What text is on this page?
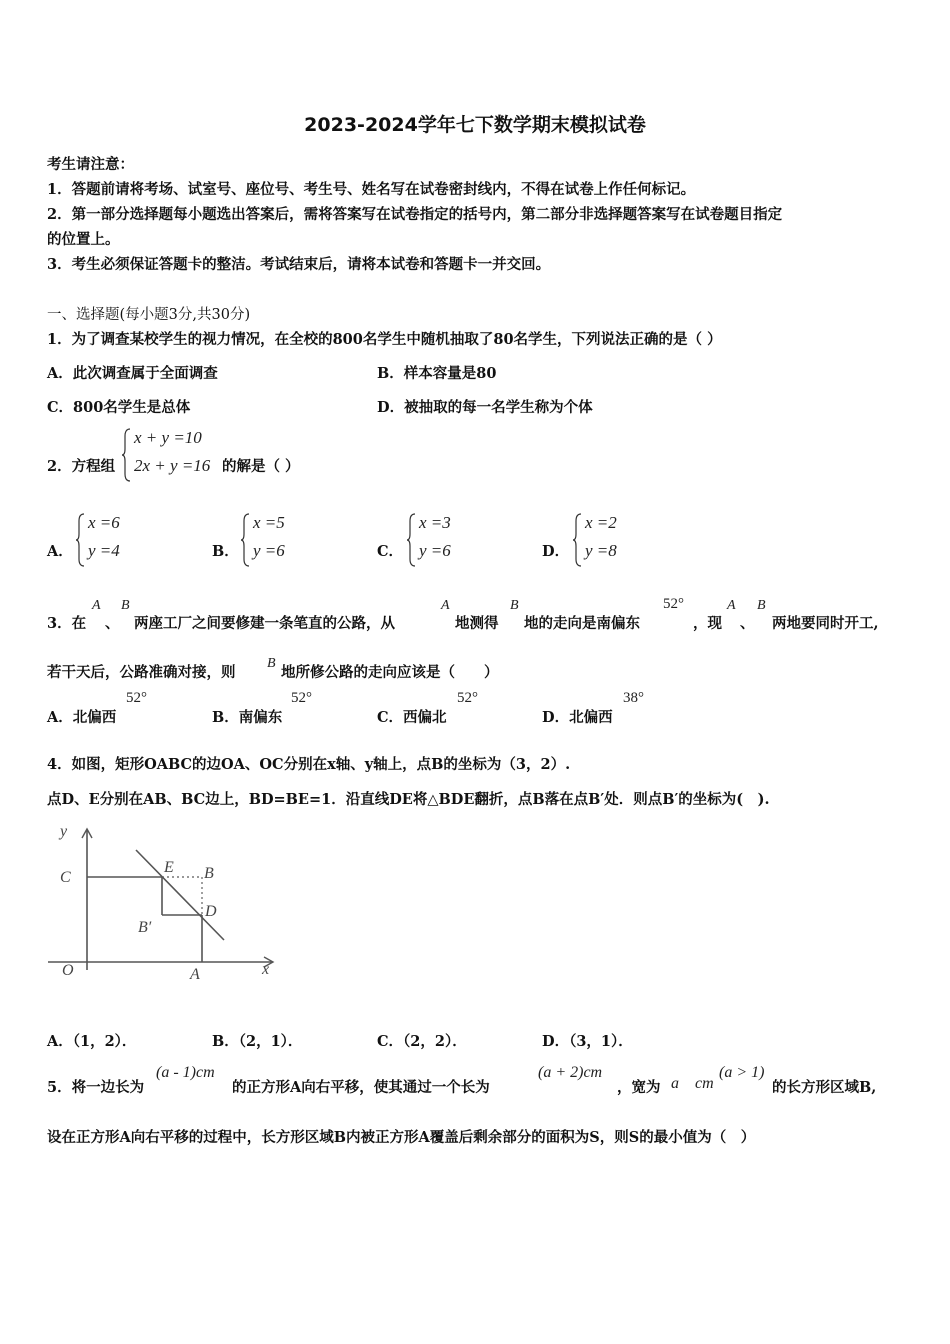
2023-2024学年七下数学期末模拟试卷
考生请注意：
1．答题前请将考场、试室号、座位号、考生号、姓名写在试卷密封线内，不得在试卷上作任何标记。
2．第一部分选择题每小题选出答案后，需将答案写在试卷指定的括号内，第二部分非选择题答案写在试卷题目指定
的位置上。
3．考生必须保证答题卡的整洁。考试结束后，请将本试卷和答题卡一并交回。
一、选择题(每小题3分,共30分)
1．为了调查某校学生的视力情况，在全校的800名学生中随机抽取了80名学生，下列说法正确的是（ ）
A．此次调查属于全面调查	B．样本容量是80
C．800名学生是总体	D．被抽取的每一名学生称为个体
2．方程组
x + y =10
2x + y =16 的解是（ ）
A．
x =6
y =4	B．
x =5
y =6	C．
x =3
y =6	D．
x =2
y =8
3．在
A
、
B
两座工厂之间要修建一条笔直的公路，从
A
地测得
B
地的走向是南偏东
52°
，现
A
、
B
两地要同时开工,
若干天后，公路准确对接，则
B
地所修公路的走向应该是（　　）
A．北偏西
52°
B．南偏东
52°
C．西偏北
52°
D．北偏西
38°
4．如图，矩形OABC的边OA、OC分别在x轴、y轴上，点B的坐标为（3，2）.
点D、E分别在AB、BC边上，BD=BE=1．沿直线DE将△BDE翻折，点B落在点B′处．则点B′的坐标为(　).
y
x
C
E B
D
B′
O	A
A．（1，2）．	B．（2，1）．	C．（2，2）．	D．（3，1）．
5．将一边长为
(a - 1)cm
的正方形A向右平移，使其通过一个长为
(a + 2)cm
，宽为 a　cm
(a > 1)
的长方形区域B,
设在正方形A向右平移的过程中，长方形区域B内被正方形A覆盖后剩余部分的面积为S，则S的最小值为（　）
